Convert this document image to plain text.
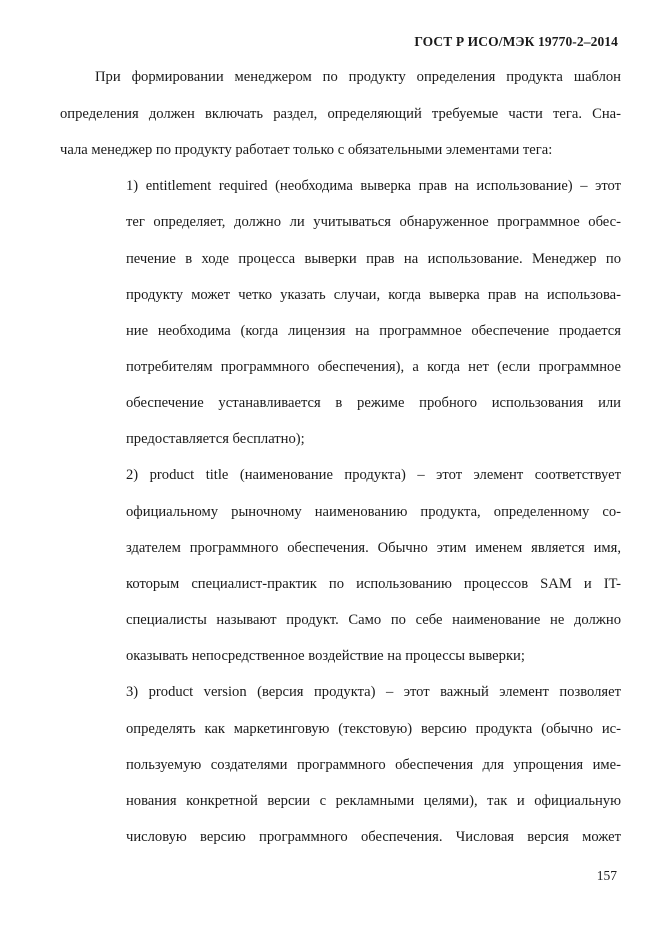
ГОСТ Р ИСО/МЭК 19770-2–2014
При формировании менеджером по продукту определения продукта шаблон
определения должен включать раздел, определяющий требуемые части тега. Сна-
чала менеджер по продукту работает только с обязательными элементами тега:
1) entitlement required (необходима выверка прав на использование) – этот
тег определяет, должно ли учитываться обнаруженное программное обес-
печение в ходе процесса выверки прав на использование. Менеджер по
продукту может четко указать случаи, когда выверка прав на использова-
ние необходима (когда лицензия на программное обеспечение продается
потребителям программного обеспечения), а когда нет (если программное
обеспечение устанавливается в режиме пробного использования или
предоставляется бесплатно);
2) product title (наименование продукта) – этот элемент соответствует
официальному рыночному наименованию продукта, определенному со-
здателем программного обеспечения. Обычно этим именем является имя,
которым специалист-практик по использованию процессов SAM и IT-
специалисты называют продукт. Само по себе наименование не должно
оказывать непосредственное воздействие на процессы выверки;
3) product version (версия продукта) – этот важный элемент позволяет
определять как маркетинговую (текстовую) версию продукта (обычно ис-
пользуемую создателями программного обеспечения для упрощения име-
нования конкретной версии с рекламными целями), так и официальную
числовую версию программного обеспечения. Числовая версия может
157
